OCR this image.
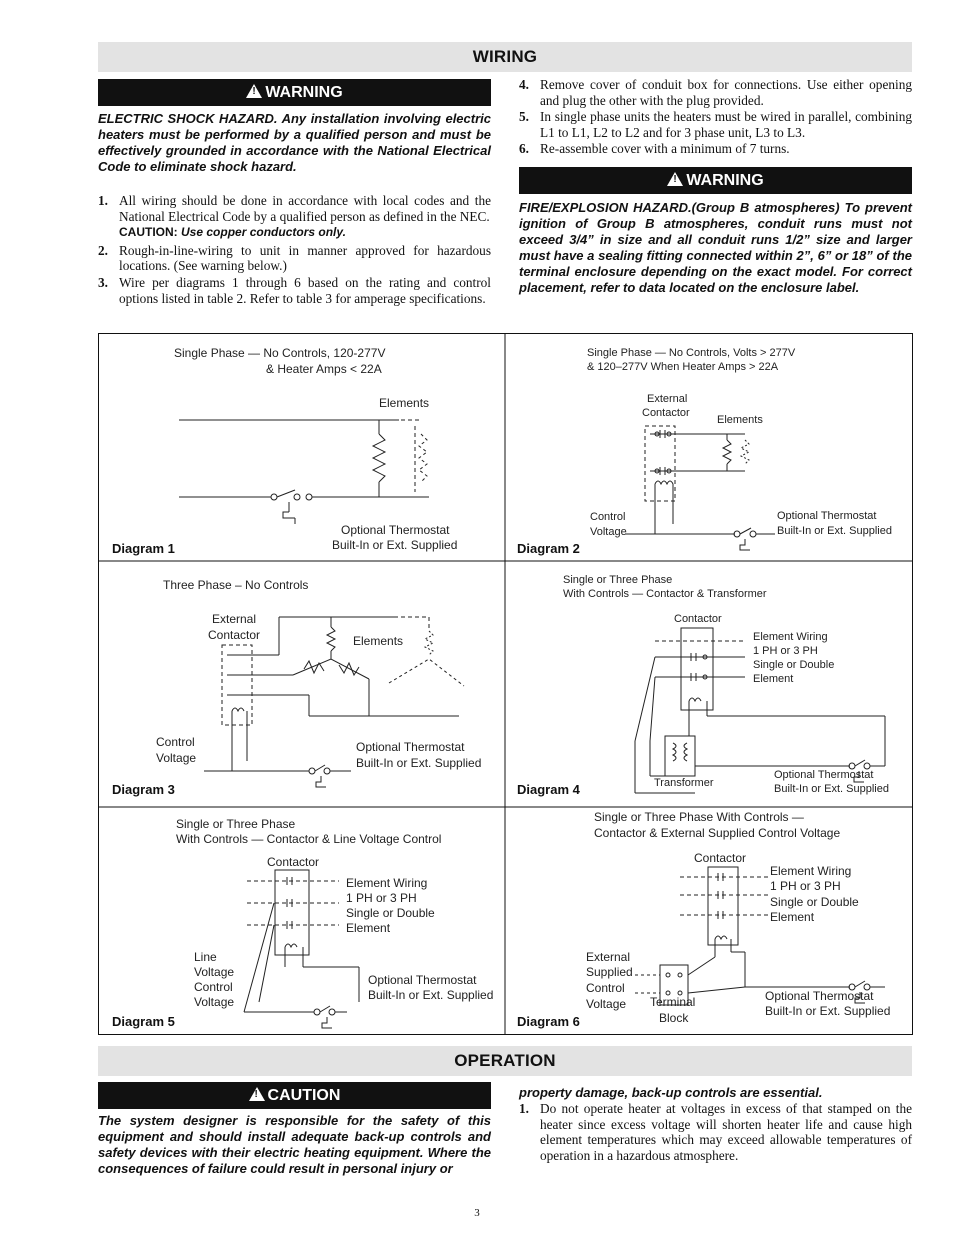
WIRING
!WARNING
ELECTRIC SHOCK HAZARD. Any installation involving electric heaters must be performed by a qualified person and must be effectively grounded in accordance with the National Electrical Code to eliminate shock hazard.
1. All wiring should be done in accordance with local codes and the National Electrical Code by a qualified person as defined in the NEC.
CAUTION: Use copper conductors only.
2. Rough-in-line-wiring to unit in manner approved for hazardous locations. (See warning below.)
3. Wire per diagrams 1 through 6 based on the rating and control options listed in table 2. Refer to table 3 for amperage specifications.
4. Remove cover of conduit box for connections. Use either opening and plug the other with the plug provided.
5. In single phase units the heaters must be wired in parallel, combining L1 to L1, L2 to L2 and for 3 phase unit, L3 to L3.
6. Re-assemble cover with a minimum of 7 turns.
!WARNING
FIRE/EXPLOSION HAZARD.(Group B atmospheres) To prevent ignition of Group B atmospheres, conduit runs must not exceed 3/4” in size and all conduit runs 1/2” size and larger must have a sealing fitting connected within 2”, 6” or 18” of the terminal enclosure depending on the exact model. For correct placement, refer to data located on the enclosure label.
Single Phase — No Controls, 120-277V
& Heater Amps < 22A
Elements
Optional Thermostat
Built-In or Ext. Supplied
Diagram 1
Single Phase — No Controls, Volts > 277V
& 120–277V When Heater Amps > 22A
External
Contactor
Elements
Control
Voltage
Optional Thermostat
Built-In or Ext. Supplied
Diagram 2
Three Phase – No Controls
External
Contactor	Elements
Control
Voltage
Optional Thermostat
Built-In or Ext. Supplied
Diagram 3
Single or Three Phase
With Controls — Contactor & Transformer
Contactor
Element Wiring
1 PH or 3 PH
Single or Double
Element
Transformer
Optional Thermostat
Built-In or Ext. Supplied
Diagram 4
Single or Three Phase
With Controls — Contactor & Line Voltage Control
Contactor
Element Wiring
1 PH or 3 PH
Single or Double
Element
Line
Voltage
Control
Voltage
Optional Thermostat
Built-In or Ext. Supplied
Diagram 5
Single or Three Phase With Controls —
Contactor & External Supplied Control Voltage
Contactor
Element Wiring
1 PH or 3 PH
Single or Double
Element
External
Supplied
Control
Voltage Terminal
Block
Optional Thermostat
Built-In or Ext. Supplied
Diagram 6
OPERATION
!CAUTION
The system designer is responsible for the safety of this equipment and should install adequate back-up controls and safety devices with their electric heating equipment. Where the consequences of failure could result in personal injury or
property damage, back-up controls are essential.
1. Do not operate heater at voltages in excess of that stamped on the heater since excess voltage will shorten heater life and cause high element temperatures which may exceed allowable temperatures of operation in a hazardous atmosphere.
3
